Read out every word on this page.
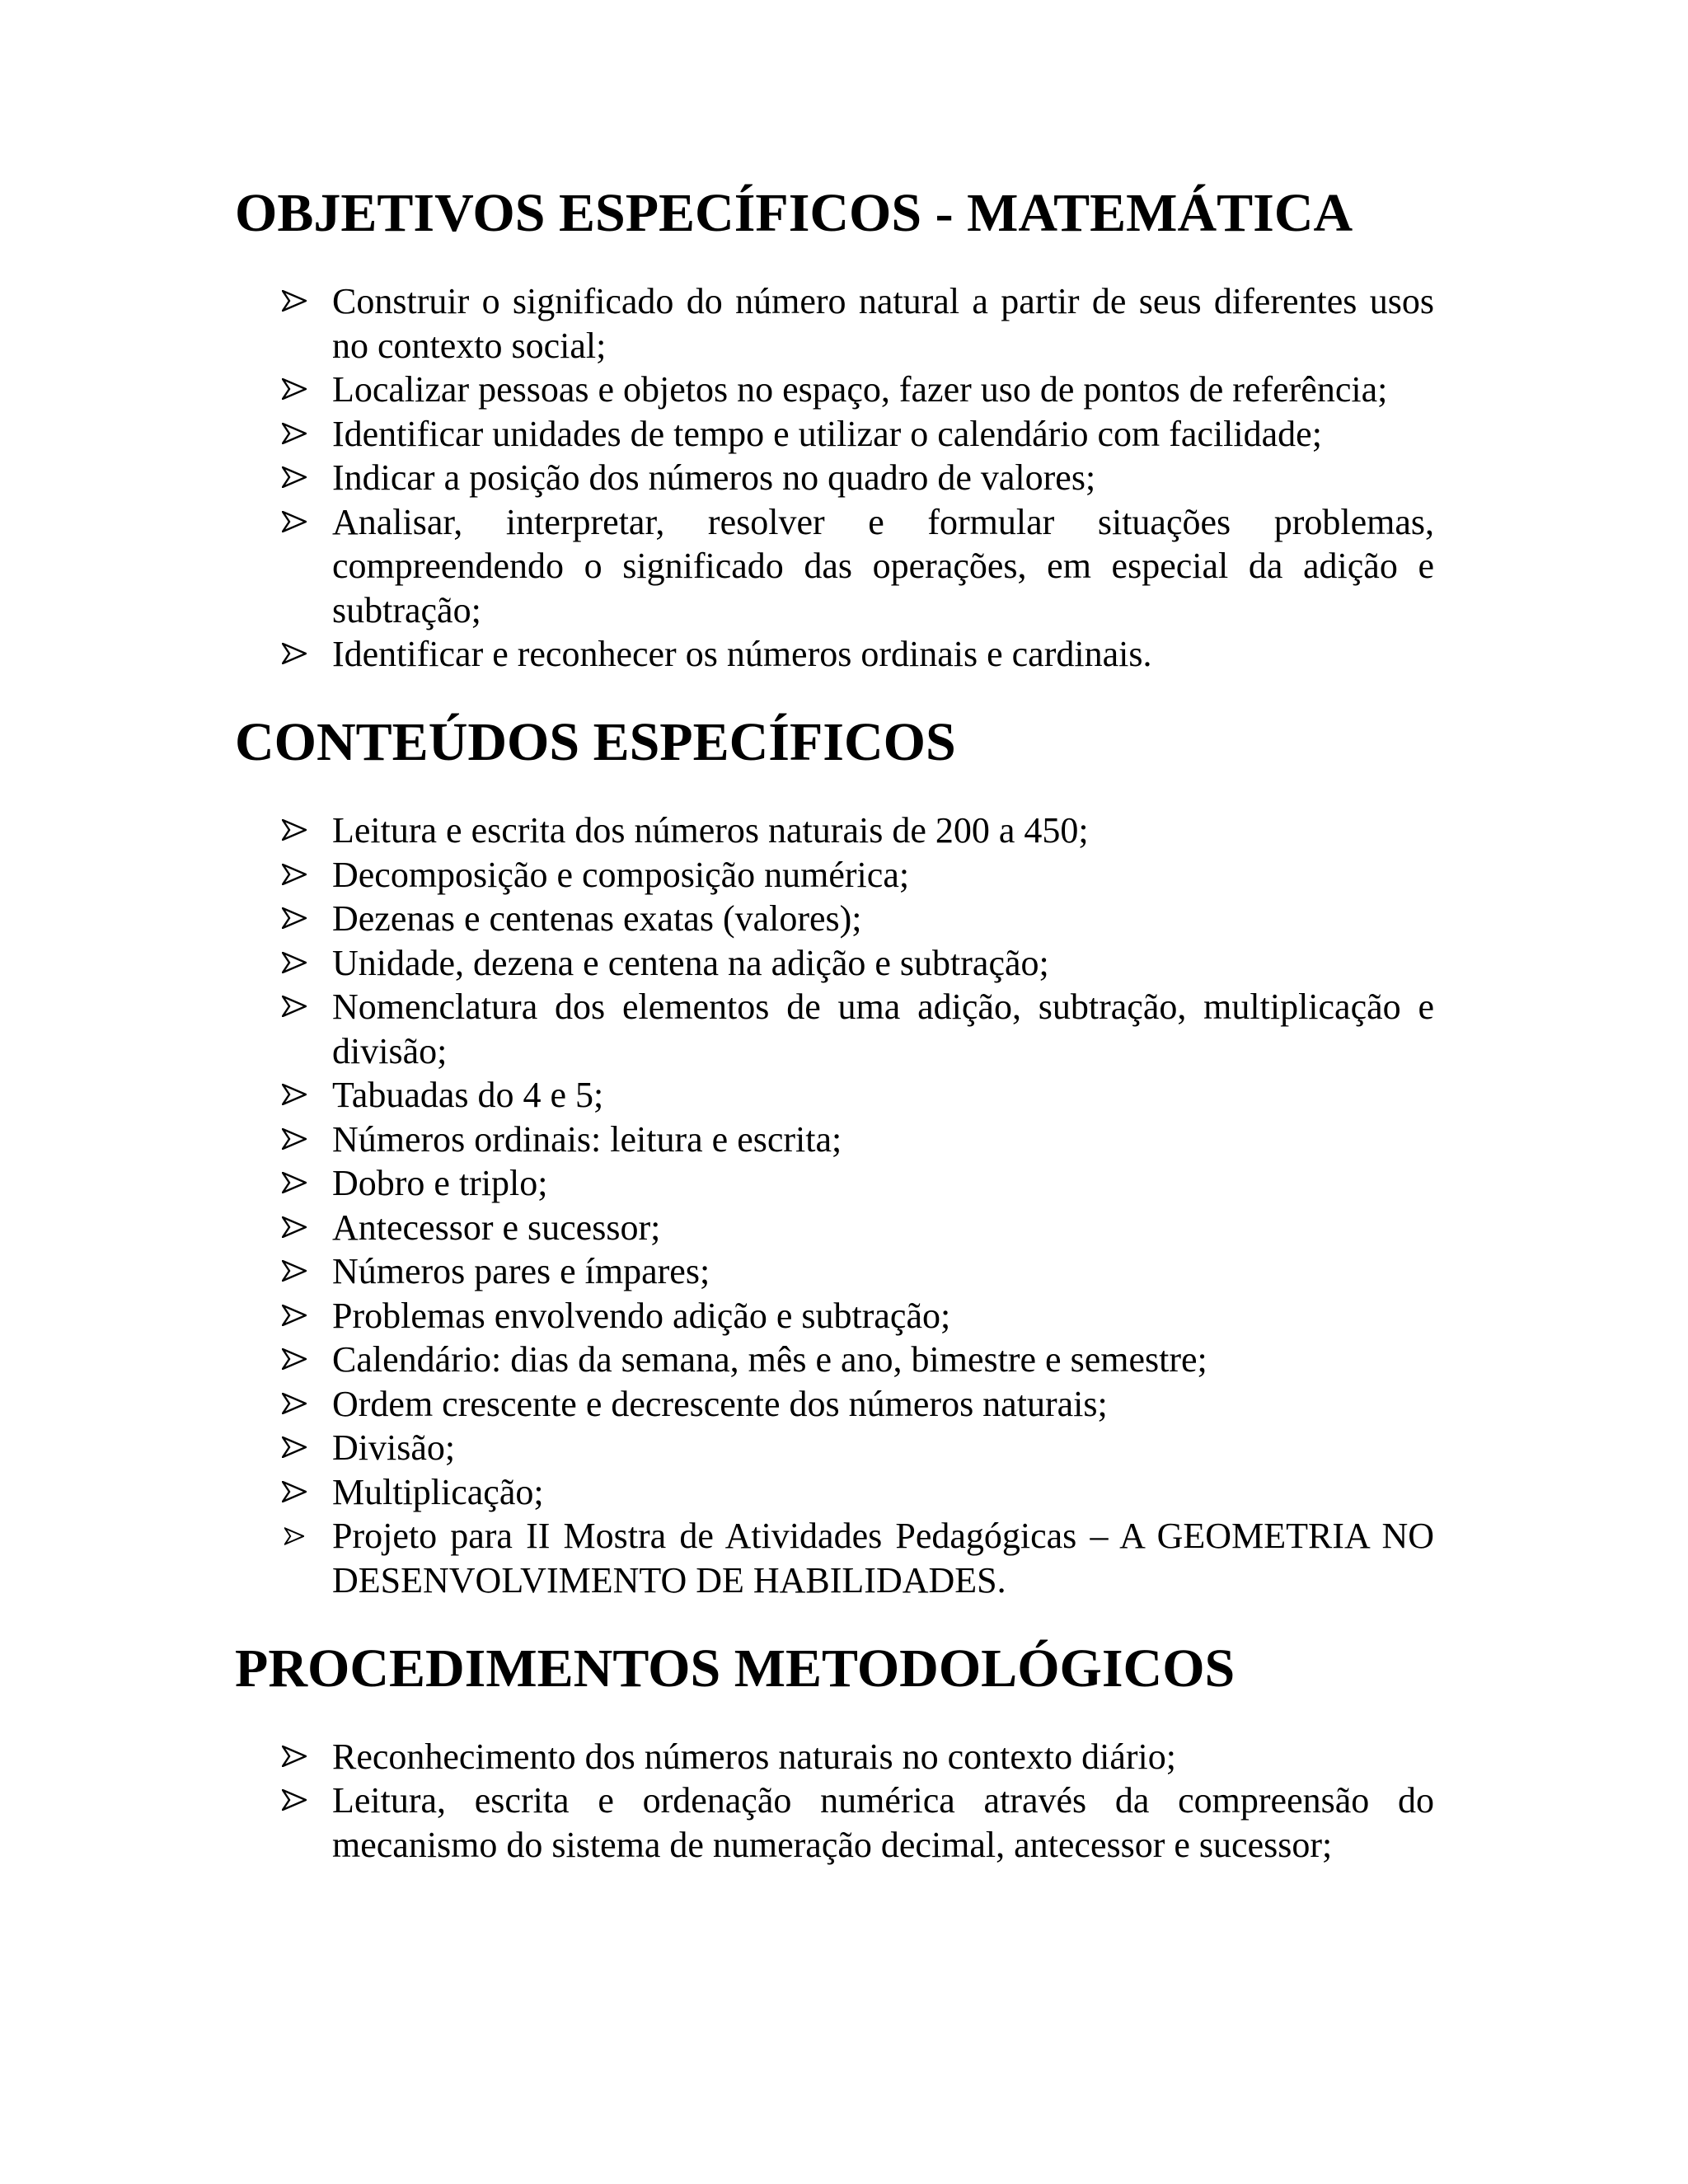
OBJETIVOS ESPECÍFICOS - MATEMÁTICA
Construir o significado do número natural a partir de seus diferentes usos no contexto social;
Localizar pessoas e objetos no espaço, fazer uso de pontos de referência;
Identificar unidades de tempo e utilizar o calendário com facilidade;
Indicar a posição dos números no quadro de valores;
Analisar, interpretar, resolver e formular situações problemas, compreendendo o significado das operações, em especial da adição e subtração;
Identificar e reconhecer os números ordinais e cardinais.
CONTEÚDOS ESPECÍFICOS
Leitura e escrita dos números naturais de 200 a 450;
Decomposição e composição numérica;
Dezenas e centenas exatas (valores);
Unidade, dezena e centena na adição e subtração;
Nomenclatura dos elementos de uma adição, subtração, multiplicação e divisão;
Tabuadas do 4 e 5;
Números ordinais: leitura e escrita;
Dobro e triplo;
Antecessor e sucessor;
Números pares e ímpares;
Problemas envolvendo adição e subtração;
Calendário: dias da semana, mês e ano, bimestre e semestre;
Ordem crescente e decrescente dos números naturais;
Divisão;
Multiplicação;
Projeto para II Mostra de Atividades Pedagógicas – A GEOMETRIA NO DESENVOLVIMENTO DE HABILIDADES.
PROCEDIMENTOS METODOLÓGICOS
Reconhecimento dos números naturais no contexto diário;
Leitura, escrita e ordenação numérica através da compreensão do mecanismo do sistema de numeração decimal, antecessor e sucessor;
